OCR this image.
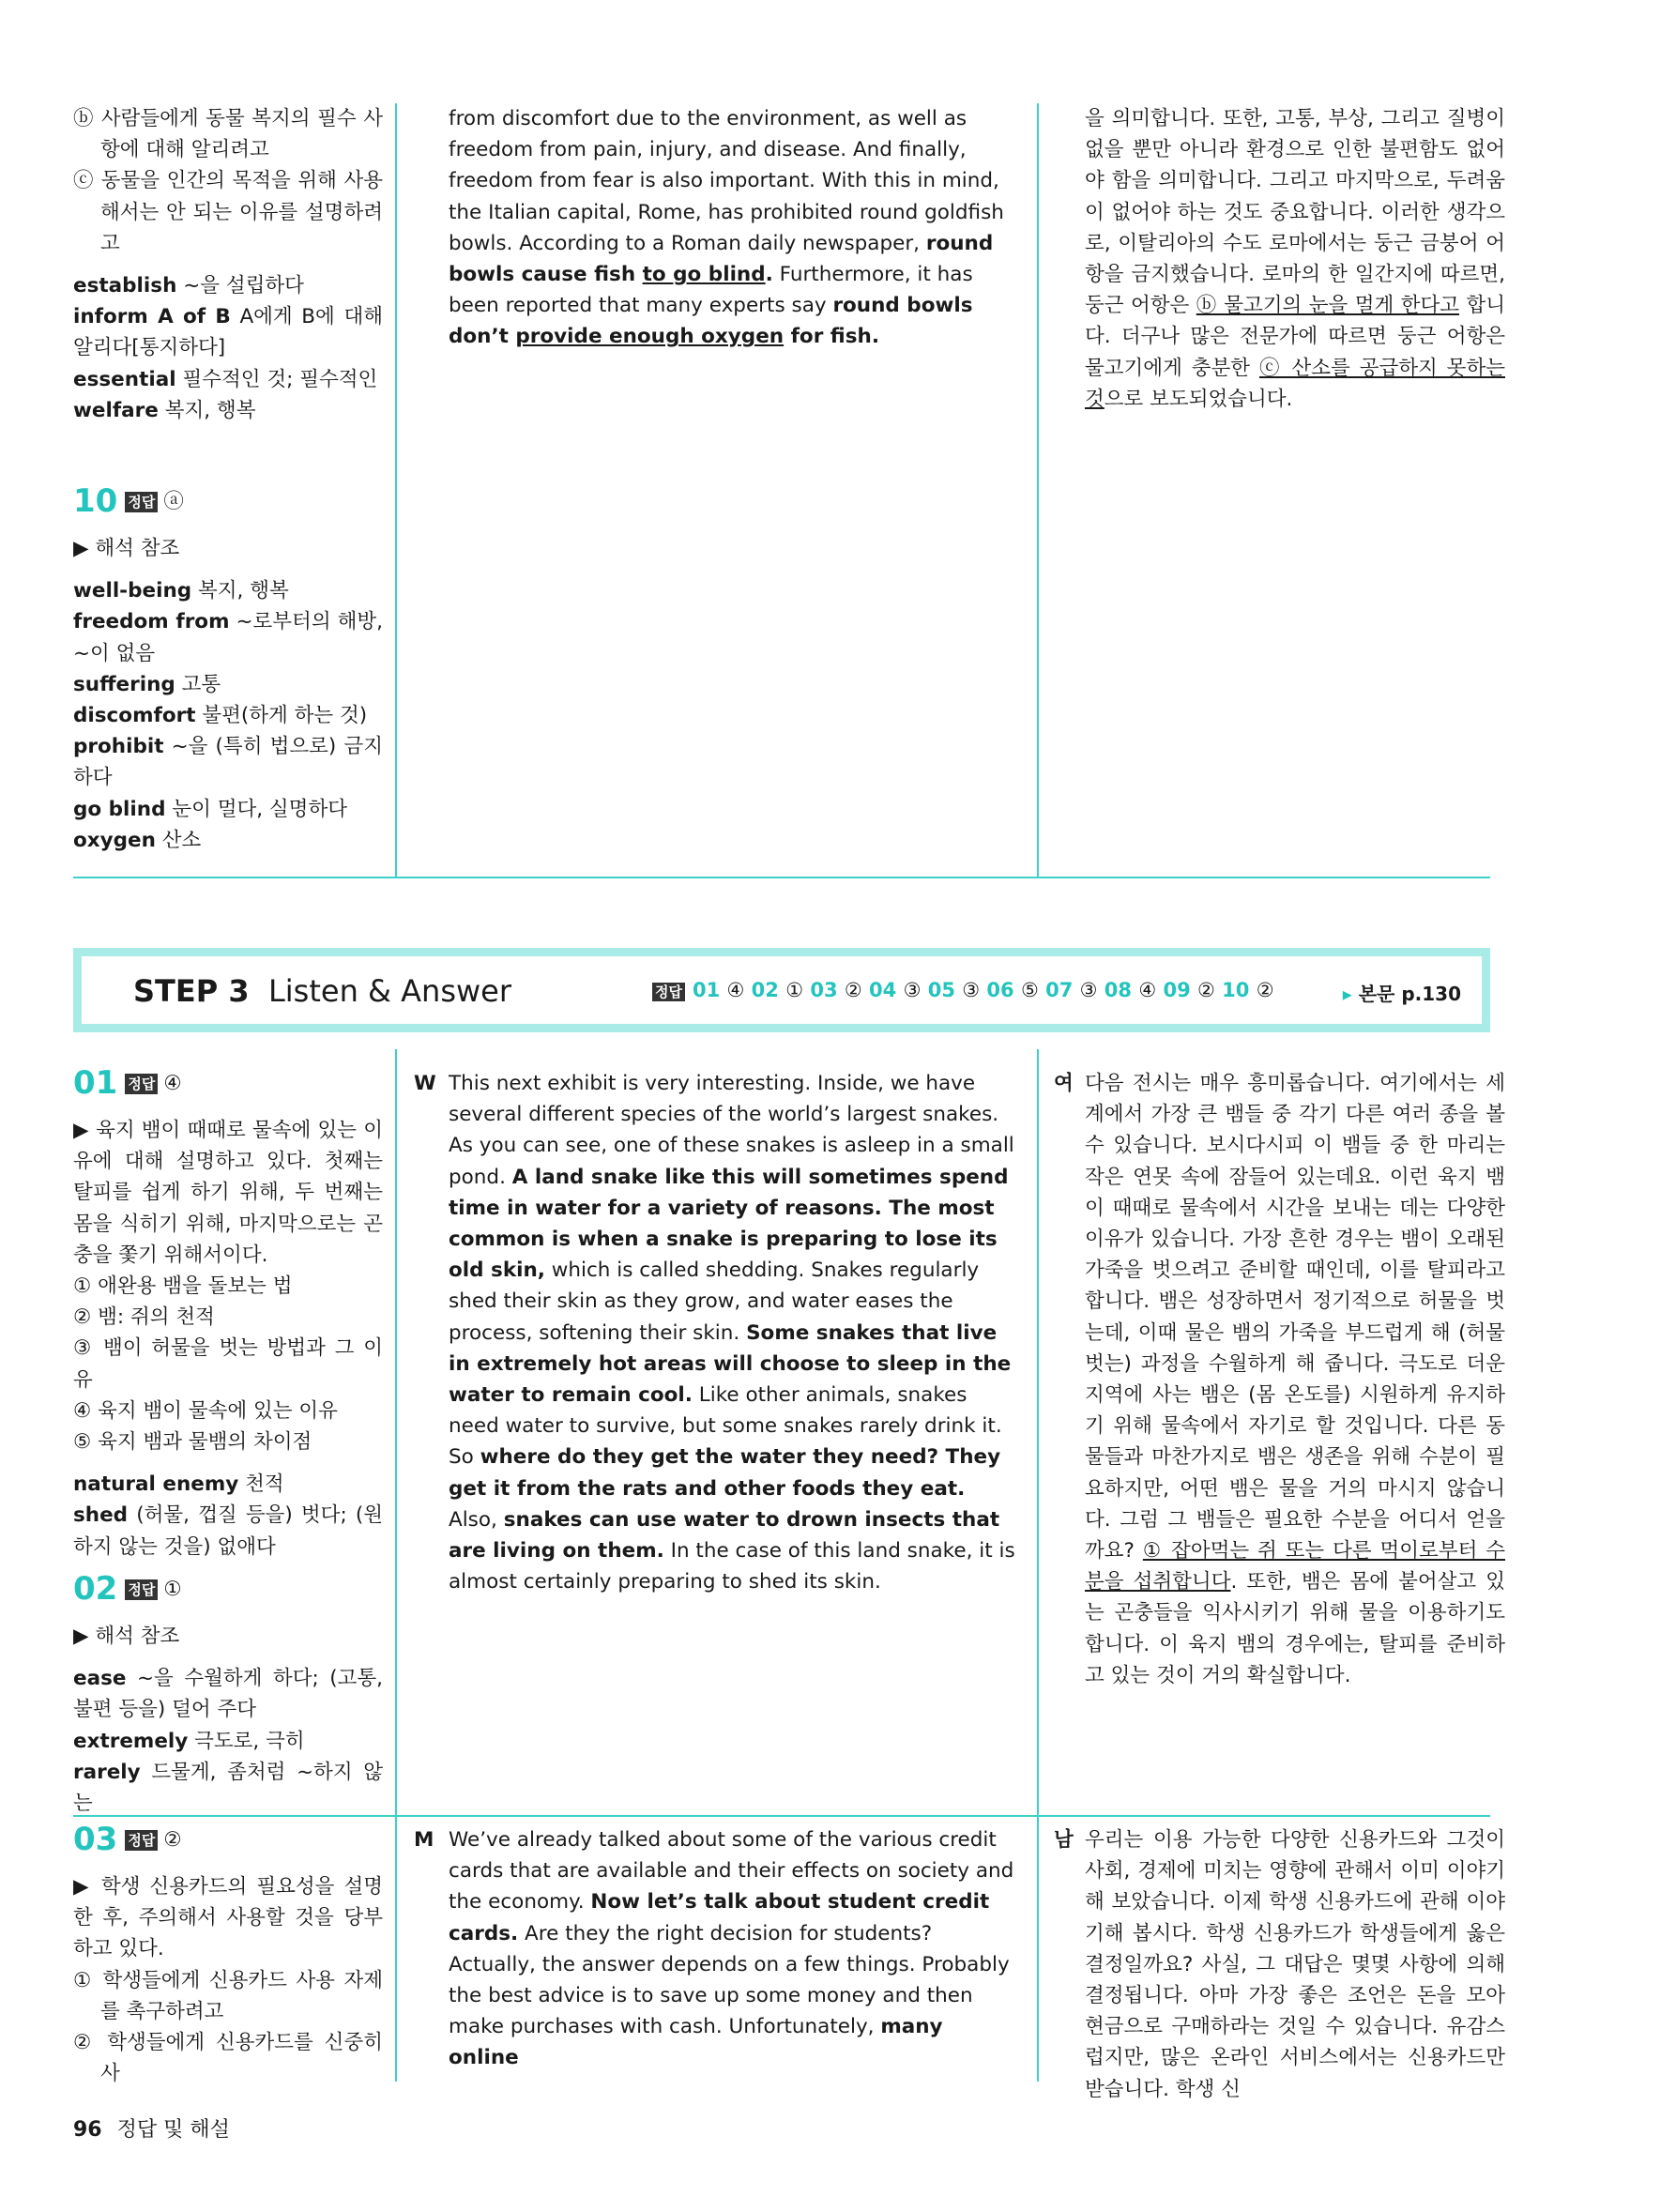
ⓑ 사람들에게 동물 복지의 필수 사항에 대해 알리려고

ⓒ 동물을 인간의 목적을 위해 사용해서는 안 되는 이유를 설명하려고

establish ~을 설립하다

inform A of B A에게 B에 대해 알리다[통지하다]

essential 필수적인 것; 필수적인

welfare 복지, 행복

10 정답 ⓐ

▶ 해석 참조

well-being 복지, 행복

freedom from ~로부터의 해방, ~이 없음

suffering 고통

discomfort 불편(하게 하는 것)

prohibit ~을 (특히 법으로) 금지하다

go blind 눈이 멀다, 실명하다

oxygen 산소

from discomfort due to the environment, as well as freedom from pain, injury, and disease. And finally, freedom from fear is also important. With this in mind, the Italian capital, Rome, has prohibited round goldfish bowls. According to a Roman daily newspaper, round bowls cause fish to go blind. Furthermore, it has been reported that many experts say round bowls don’t provide enough oxygen for fish.

을 의미합니다. 또한, 고통, 부상, 그리고 질병이 없을 뿐만 아니라 환경으로 인한 불편함도 없어야 함을 의미합니다. 그리고 마지막으로, 두려움이 없어야 하는 것도 중요합니다. 이러한 생각으로, 이탈리아의 수도 로마에서는 둥근 금붕어 어항을 금지했습니다. 로마의 한 일간지에 따르면, 둥근 어항은 ⓑ 물고기의 눈을 멀게 한다고 합니다. 더구나 많은 전문가에 따르면 둥근 어항은 물고기에게 충분한 ⓒ 산소를 공급하지 못하는 것으로 보도되었습니다.

STEP 3 Listen & Answer	정답 01 ④ 02 ① 03 ② 04 ③ 05 ③ 06 ⑤ 07 ③ 08 ④ 09 ② 10 ②	▸ 본문 p.130
01 정답 ④

▶ 육지 뱀이 때때로 물속에 있는 이유에 대해 설명하고 있다. 첫째는 탈피를 쉽게 하기 위해, 두 번째는 몸을 식히기 위해, 마지막으로는 곤충을 쫓기 위해서이다.

① 애완용 뱀을 돌보는 법

② 뱀: 쥐의 천적

③ 뱀이 허물을 벗는 방법과 그 이유

④ 육지 뱀이 물속에 있는 이유

⑤ 육지 뱀과 물뱀의 차이점

natural enemy 천적

shed (허물, 껍질 등을) 벗다; (원하지 않는 것을) 없애다

02 정답 ①

▶ 해석 참조

ease ~을 수월하게 하다; (고통, 불편 등을) 덜어 주다

extremely 극도로, 극히

rarely 드물게, 좀처럼 ~하지 않는

03 정답 ②

▶ 학생 신용카드의 필요성을 설명한 후, 주의해서 사용할 것을 당부하고 있다.

① 학생들에게 신용카드 사용 자제를 촉구하려고

② 학생들에게 신용카드를 신중히 사

W This next exhibit is very interesting. Inside, we have several different species of the world’s largest snakes. As you can see, one of these snakes is asleep in a small pond. A land snake like this will sometimes spend time in water for a variety of reasons. The most common is when a snake is preparing to lose its old skin, which is called shedding. Snakes regularly shed their skin as they grow, and water eases the process, softening their skin. Some snakes that live in extremely hot areas will choose to sleep in the water to remain cool. Like other animals, snakes need water to survive, but some snakes rarely drink it. So where do they get the water they need? They get it from the rats and other foods they eat. Also, snakes can use water to drown insects that are living on them. In the case of this land snake, it is almost certainly preparing to shed its skin.

여 다음 전시는 매우 흥미롭습니다. 여기에서는 세계에서 가장 큰 뱀들 중 각기 다른 여러 종을 볼 수 있습니다. 보시다시피 이 뱀들 중 한 마리는 작은 연못 속에 잠들어 있는데요. 이런 육지 뱀이 때때로 물속에서 시간을 보내는 데는 다양한 이유가 있습니다. 가장 흔한 경우는 뱀이 오래된 가죽을 벗으려고 준비할 때인데, 이를 탈피라고 합니다. 뱀은 성장하면서 정기적으로 허물을 벗는데, 이때 물은 뱀의 가죽을 부드럽게 해 (허물 벗는) 과정을 수월하게 해 줍니다. 극도로 더운 지역에 사는 뱀은 (몸 온도를) 시원하게 유지하기 위해 물속에서 자기로 할 것입니다. 다른 동물들과 마찬가지로 뱀은 생존을 위해 수분이 필요하지만, 어떤 뱀은 물을 거의 마시지 않습니다. 그럼 그 뱀들은 필요한 수분을 어디서 얻을까요? ① 잡아먹는 쥐 또는 다른 먹이로부터 수분을 섭취합니다. 또한, 뱀은 몸에 붙어살고 있는 곤충들을 익사시키기 위해 물을 이용하기도 합니다. 이 육지 뱀의 경우에는, 탈피를 준비하고 있는 것이 거의 확실합니다.

M We’ve already talked about some of the various credit cards that are available and their effects on society and the economy. Now let’s talk about student credit cards. Are they the right decision for students? Actually, the answer depends on a few things. Probably the best advice is to save up some money and then make purchases with cash. Unfortunately, many online

남 우리는 이용 가능한 다양한 신용카드와 그것이 사회, 경제에 미치는 영향에 관해서 이미 이야기해 보았습니다. 이제 학생 신용카드에 관해 이야기해 봅시다. 학생 신용카드가 학생들에게 옳은 결정일까요? 사실, 그 대답은 몇몇 사항에 의해 결정됩니다. 아마 가장 좋은 조언은 돈을 모아 현금으로 구매하라는 것일 수 있습니다. 유감스럽지만, 많은 온라인 서비스에서는 신용카드만 받습니다. 학생 신

96 정답 및 해설
